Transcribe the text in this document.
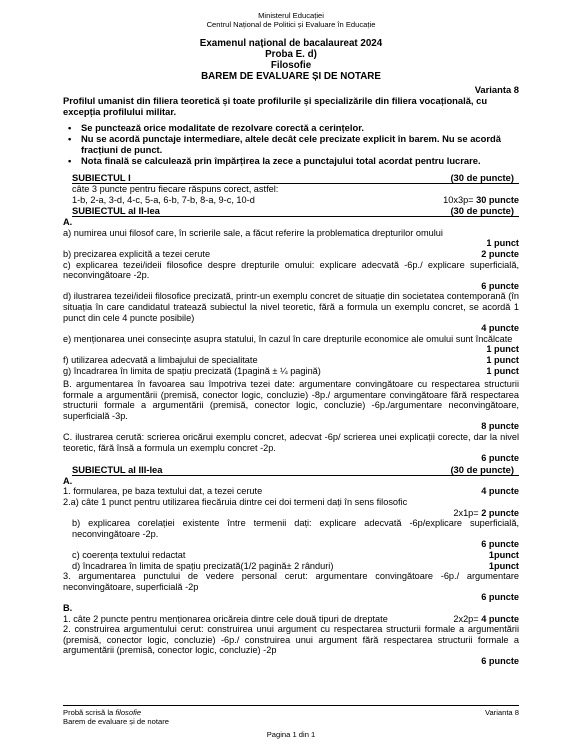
Ministerul Educației
Centrul Național de Politici și Evaluare în Educație
Examenul național de bacalaureat 2024
Proba E. d)
Filosofie
BAREM DE EVALUARE ȘI DE NOTARE
Varianta 8
Profilul umanist din filiera teoretică și toate profilurile și specializările din filiera vocațională, cu excepția profilului militar.
• Se punctează orice modalitate de rezolvare corectă a cerințelor.
• Nu se acordă punctaje intermediare, altele decât cele precizate explicit în barem. Nu se acordă fracțiuni de punct.
• Nota finală se calculează prin împărțirea la zece a punctajului total acordat pentru lucrare.
SUBIECTUL I	(30 de puncte)
câte 3 puncte pentru fiecare răspuns corect, astfel:
1-b, 2-a, 3-d, 4-c, 5-a, 6-b, 7-b, 8-a, 9-c, 10-d	10x3p= 30 puncte
SUBIECTUL al II-lea	(30 de puncte)
A.
a) numirea unui filosof care, în scrierile sale, a făcut referire la problematica drepturilor omului
1 punct
b) precizarea explicită a tezei cerute	2 puncte
c) explicarea tezei/ideii filosofice despre drepturile omului: explicare adecvată -6p./ explicare superficială, neconvingătoare -2p.
6 puncte
d) ilustrarea tezei/ideii filosofice precizată, printr-un exemplu concret de situație din societatea contemporană (în situația în care candidatul tratează subiectul la nivel teoretic, fără a formula un exemplu concret, se acordă 1 punct din cele 4 puncte posibile)
4 puncte
e) menționarea unei consecințe asupra statului, în cazul în care drepturile economice ale omului sunt încălcate
1 punct
f) utilizarea adecvată a limbajului de specialitate	1 punct
g) încadrarea în limita de spațiu precizată (1pagină ± ¼ pagină)	1 punct
B. argumentarea în favoarea sau împotriva tezei date: argumentare convingătoare cu respectarea structurii formale a argumentării (premisă, conector logic, concluzie) -8p./ argumentare convingătoare fără respectarea structurii formale a argumentării (premisă, conector logic, concluzie) -6p./argumentare neconvingătoare, superficială -3p.
8 puncte
C. ilustrarea cerută: scrierea oricărui exemplu concret, adecvat -6p/ scrierea unei explicații corecte, dar la nivel teoretic, fără însă a formula un exemplu concret -2p.
6 puncte
SUBIECTUL al III-lea	(30 de puncte)
A.
1. formularea, pe baza textului dat, a tezei cerute	4 puncte
2.a) câte 1 punct pentru utilizarea fiecăruia dintre cei doi termeni dați în sens filosofic
2x1p= 2 puncte
b) explicarea corelației existente între termenii dați: explicare adecvată -6p/explicare superficială, neconvingătoare -2p.
6 puncte
c) coerența textului redactat	1punct
d) încadrarea în limita de spațiu precizată(1/2 pagină± 2 rânduri)	1punct
3. argumentarea punctului de vedere personal cerut: argumentare convingătoare -6p./ argumentare neconvingătoare, superficială -2p
6 puncte
B.
1. câte 2 puncte pentru menționarea oricăreia dintre cele două tipuri de dreptate	2x2p= 4 puncte
2. construirea argumentului cerut: construirea unui argument cu respectarea structurii formale a argumentării (premisă, conector logic, concluzie) -6p./ construirea unui argument fără respectarea structurii formale a argumentării (premisă, conector logic, concluzie) -2p
6 puncte
Probă scrisă la filosofie	Varianta 8
Barem de evaluare și de notare
Pagina 1 din 1
